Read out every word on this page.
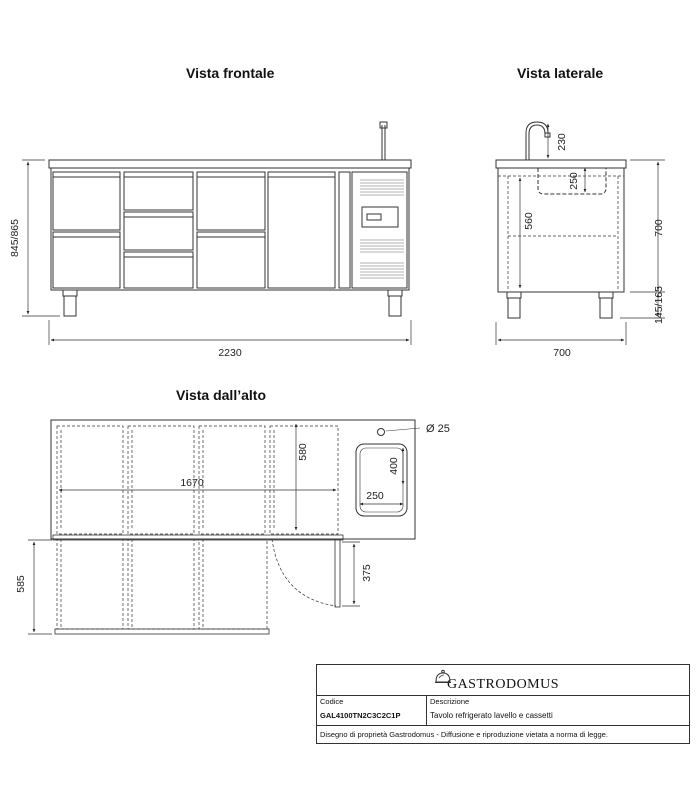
Vista frontale	Vista laterale
Vista dall’alto
845/865
2230
230
250
560	700
145/165
700
580
1670
Ø 25
400
250
585
375
GASTRODOMUS
Codice
GAL4100TN2C3C2C1P
Descrizione
Tavolo refrigerato lavello e cassetti
Disegno di proprietà Gastrodomus - Diffusione e riproduzione vietata a norma di legge.
